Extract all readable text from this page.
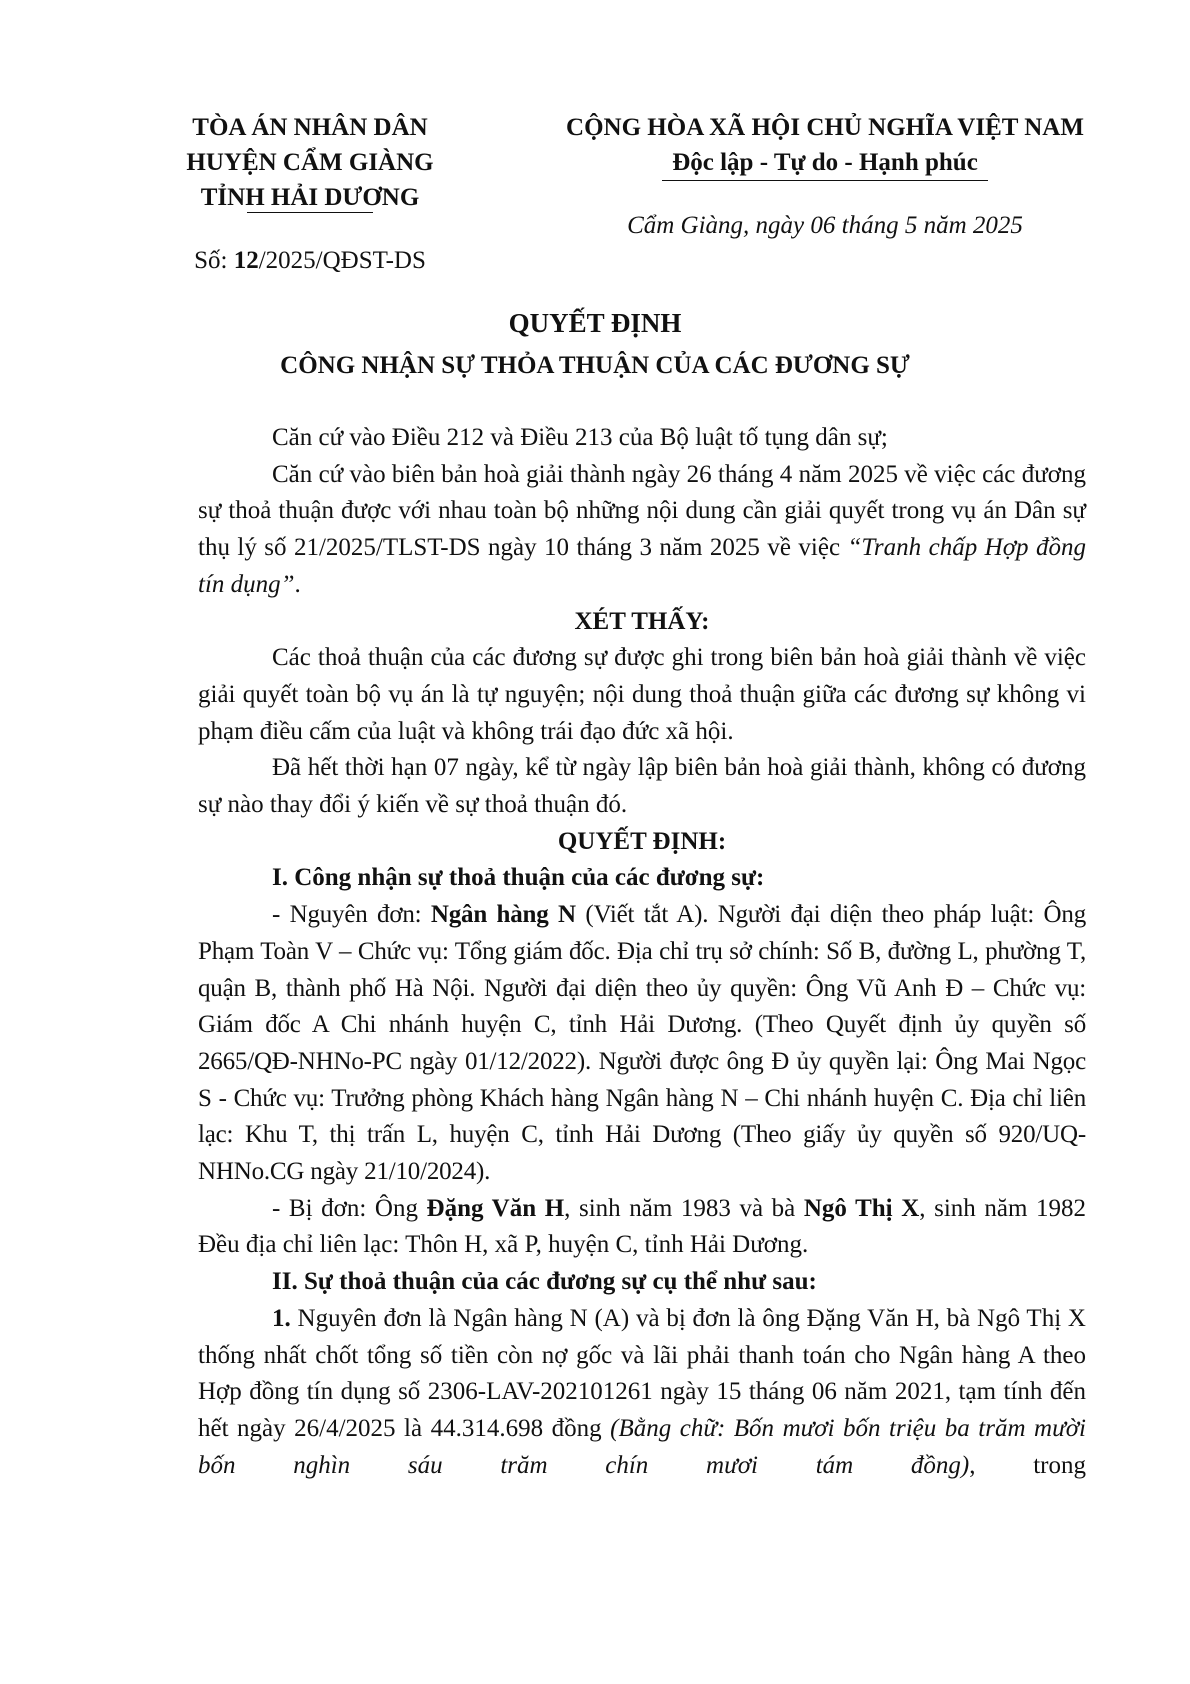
TÒA ÁN NHÂN DÂN
HUYỆN CẨM GIÀNG
TỈNH HẢI DƯƠNG
Số: 12/2025/QĐST-DS
CỘNG HÒA XÃ HỘI CHỦ NGHĨA VIỆT NAM
Độc lập - Tự do - Hạnh phúc
Cẩm Giàng, ngày 06 tháng 5 năm 2025
QUYẾT ĐỊNH
CÔNG NHẬN SỰ THỎA THUẬN CỦA CÁC ĐƯƠNG SỰ

Căn cứ vào Điều 212 và Điều 213 của Bộ luật tố tụng dân sự;

Căn cứ vào biên bản hoà giải thành ngày 26 tháng 4 năm 2025 về việc các đương sự thoả thuận được với nhau toàn bộ những nội dung cần giải quyết trong vụ án Dân sự thụ lý số 21/2025/TLST-DS ngày 10 tháng 3 năm 2025 về việc “Tranh chấp Hợp đồng tín dụng”.

XÉT THẤY:

Các thoả thuận của các đương sự được ghi trong biên bản hoà giải thành về việc giải quyết toàn bộ vụ án là tự nguyện; nội dung thoả thuận giữa các đương sự không vi phạm điều cấm của luật và không trái đạo đức xã hội.

Đã hết thời hạn 07 ngày, kể từ ngày lập biên bản hoà giải thành, không có đương sự nào thay đổi ý kiến về sự thoả thuận đó.

QUYẾT ĐỊNH:

I. Công nhận sự thoả thuận của các đương sự:

- Nguyên đơn: Ngân hàng N (Viết tắt A). Người đại diện theo pháp luật: Ông Phạm Toàn V – Chức vụ: Tổng giám đốc. Địa chỉ trụ sở chính: Số B, đường L, phường T, quận B, thành phố Hà Nội. Người đại diện theo ủy quyền: Ông Vũ Anh Đ – Chức vụ: Giám đốc A Chi nhánh huyện C, tỉnh Hải Dương. (Theo Quyết định ủy quyền số 2665/QĐ-NHNo-PC ngày 01/12/2022). Người được ông Đ ủy quyền lại: Ông Mai Ngọc S - Chức vụ: Trưởng phòng Khách hàng Ngân hàng N – Chi nhánh huyện C. Địa chỉ liên lạc: Khu T, thị trấn L, huyện C, tỉnh Hải Dương (Theo giấy ủy quyền số 920/UQ-NHNo.CG ngày 21/10/2024).

- Bị đơn: Ông Đặng Văn H, sinh năm 1983 và bà Ngô Thị X, sinh năm 1982 Đều địa chỉ liên lạc: Thôn H, xã P, huyện C, tỉnh Hải Dương.

II. Sự thoả thuận của các đương sự cụ thể như sau:

1. Nguyên đơn là Ngân hàng N (A) và bị đơn là ông Đặng Văn H, bà Ngô Thị X thống nhất chốt tổng số tiền còn nợ gốc và lãi phải thanh toán cho Ngân hàng A theo Hợp đồng tín dụng số 2306-LAV-202101261 ngày 15 tháng 06 năm 2021, tạm tính đến hết ngày 26/4/2025 là 44.314.698 đồng (Bằng chữ: Bốn mươi bốn triệu ba trăm mười bốn nghìn sáu trăm chín mươi tám đồng), trong
